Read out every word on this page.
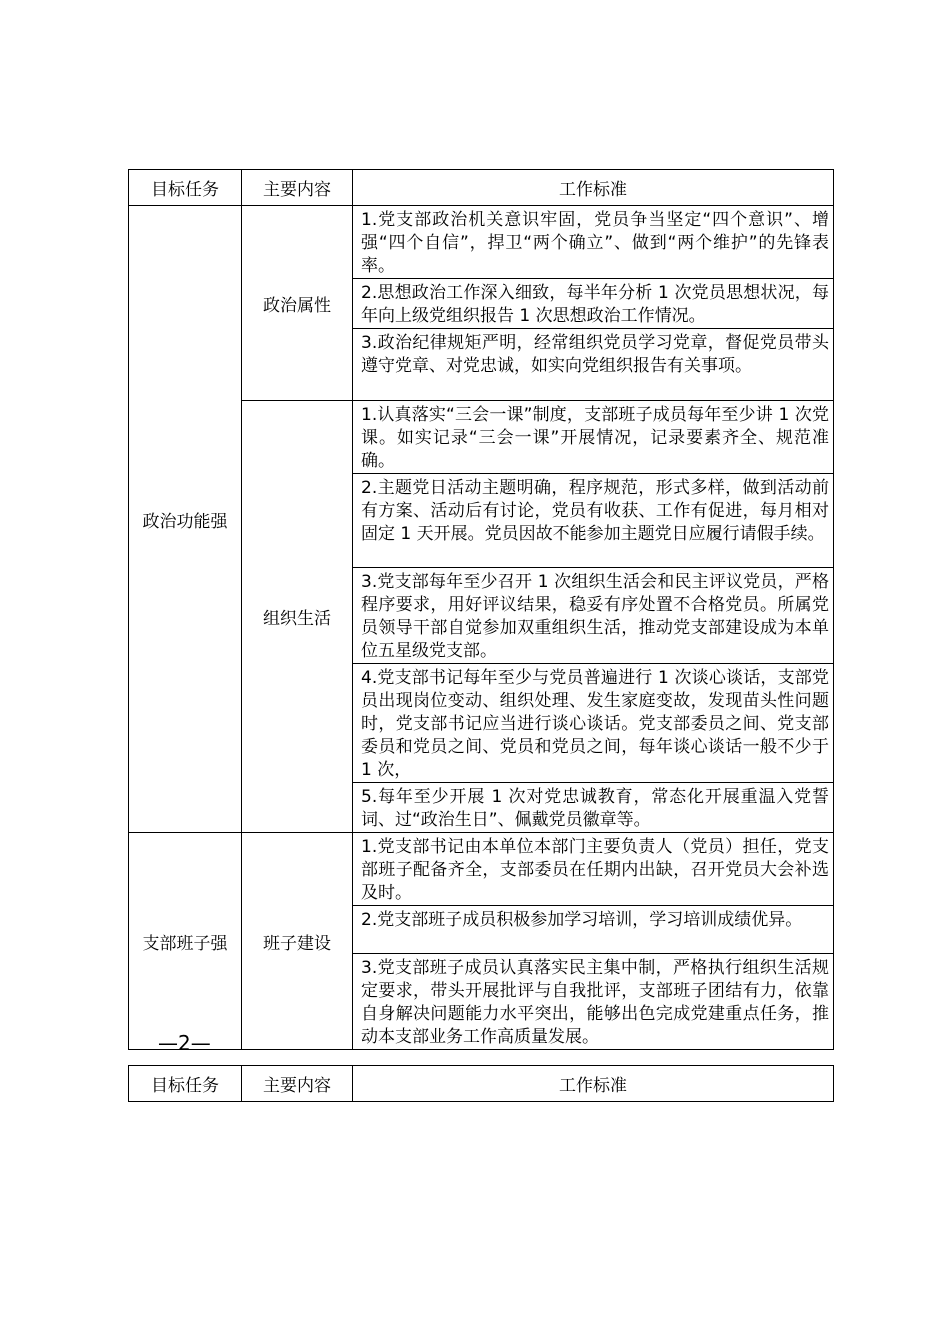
目标任务	主要内容	工作标准
政治功能强	政治属性	1.党支部政治机关意识牢固，党员争当坚定“四个意识”、增强“四个自信”，捍卫“两个确立”、做到“两个维护”的先锋表率。
		2.思想政治工作深入细致，每半年分析 1 次党员思想状况，每年向上级党组织报告 1 次思想政治工作情况。
		3.政治纪律规矩严明，经常组织党员学习党章，督促党员带头遵守党章、对党忠诚，如实向党组织报告有关事项。
	组织生活	1.认真落实“三会一课”制度，支部班子成员每年至少讲 1 次党课。如实记录“三会一课”开展情况，记录要素齐全、规范准确。
		2.主题党日活动主题明确，程序规范，形式多样，做到活动前有方案、活动后有讨论，党员有收获、工作有促进，每月相对固定 1 天开展。党员因故不能参加主题党日应履行请假手续。
		3.党支部每年至少召开 1 次组织生活会和民主评议党员，严格程序要求，用好评议结果，稳妥有序处置不合格党员。所属党员领导干部自觉参加双重组织生活，推动党支部建设成为本单位五星级党支部。
		4.党支部书记每年至少与党员普遍进行 1 次谈心谈话，支部党员出现岗位变动、组织处理、发生家庭变故，发现苗头性问题时，党支部书记应当进行谈心谈话。党支部委员之间、党支部委员和党员之间、党员和党员之间，每年谈心谈话一般不少于 1 次，
		5.每年至少开展 1 次对党忠诚教育，常态化开展重温入党誓词、过“政治生日”、佩戴党员徽章等。
支部班子强	班子建设	1.党支部书记由本单位本部门主要负责人（党员）担任，党支部班子配备齐全，支部委员在任期内出缺，召开党员大会补选及时。
		2.党支部班子成员积极参加学习培训，学习培训成绩优异。
		3.党支部班子成员认真落实民主集中制，严格执行组织生活规定要求，带头开展批评与自我批评，支部班子团结有力，依靠自身解决问题能力水平突出，能够出色完成党建重点任务，推动本支部业务工作高质量发展。
—2—
目标任务	主要内容	工作标准
